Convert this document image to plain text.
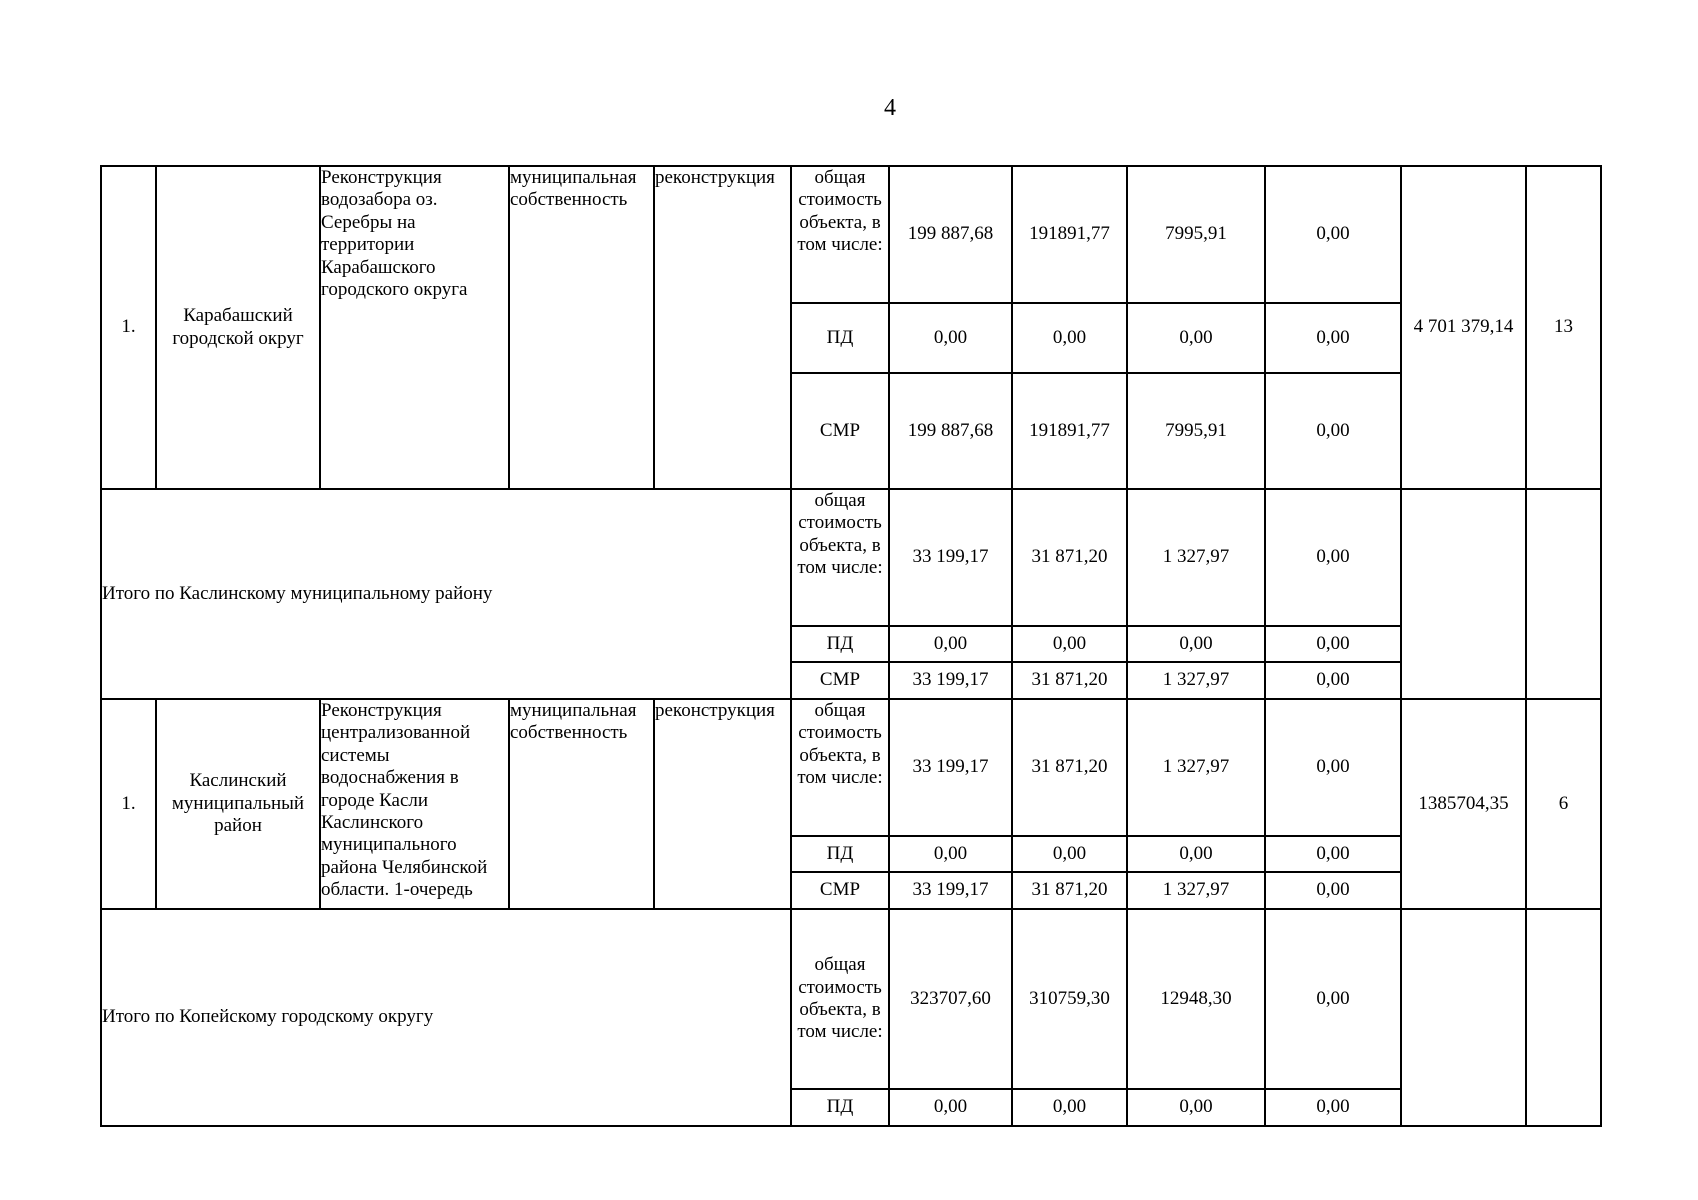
4
1.	Карабашский городской округ	Реконструкция водозабора оз. Серебры на территории Карабашского городского округа	муниципальная собственность	реконструкция	общая стоимость объекта, в том числе:	199 887,68	191891,77	7995,91	0,00	4 701 379,14	13
					ПД	0,00	0,00	0,00	0,00		
					СМР	199 887,68	191891,77	7995,91	0,00		
Итого по Каслинскому муниципальному району					общая стоимость объекта, в том числе:	33 199,17	31 871,20	1 327,97	0,00		
					ПД	0,00	0,00	0,00	0,00		
					СМР	33 199,17	31 871,20	1 327,97	0,00		
1.	Каслинский муниципальный район	Реконструкция централизованной системы водоснабжения в городе Касли Каслинского муниципального района Челябинской области. 1-очередь	муниципальная собственность	реконструкция	общая стоимость объекта, в том числе:	33 199,17	31 871,20	1 327,97	0,00	1385704,35	6
					ПД	0,00	0,00	0,00	0,00		
					СМР	33 199,17	31 871,20	1 327,97	0,00		
Итого по Копейскому городскому округу					общая стоимость объекта, в том числе:	323707,60	310759,30	12948,30	0,00		
					ПД	0,00	0,00	0,00	0,00		
